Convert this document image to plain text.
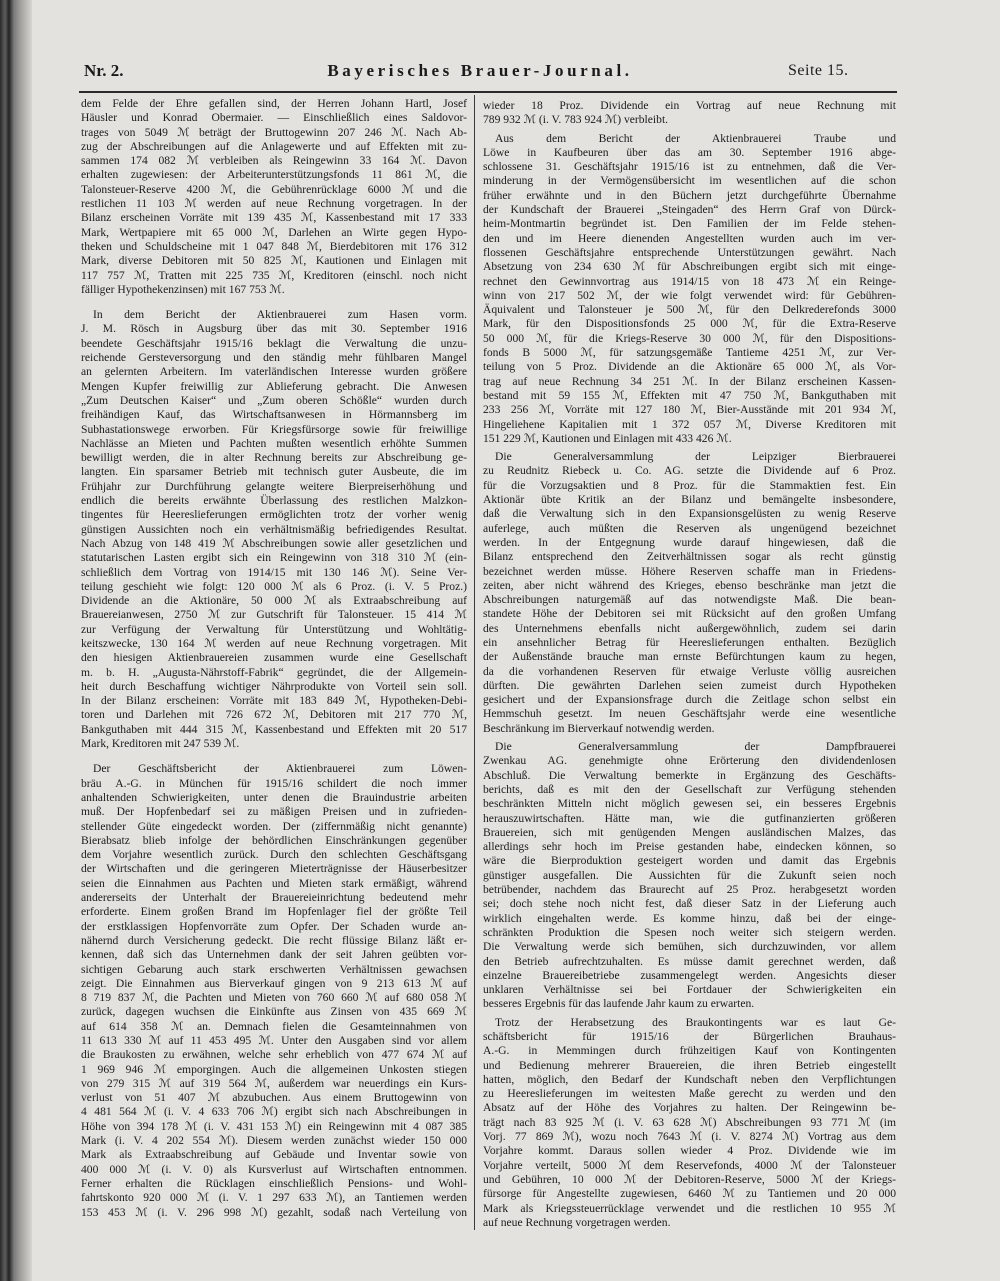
Nr. 2.	Bayerisches Brauer-Journal.	Seite 15.
dem Felde der Ehre gefallen sind, der Herren Johann Hartl, Josef
Häusler und Konrad Obermaier. — Einschließlich eines Saldovor-
trages von 5049 ℳ beträgt der Bruttogewinn 207 246 ℳ. Nach Ab-
zug der Abschreibungen auf die Anlagewerte und auf Effekten mit zu-
sammen 174 082 ℳ verbleiben als Reingewinn 33 164 ℳ. Davon
erhalten zugewiesen: der Arbeiterunterstützungsfonds 11 861 ℳ, die
Talonsteuer-Reserve 4200 ℳ, die Gebührenrücklage 6000 ℳ und die
restlichen 11 103 ℳ werden auf neue Rechnung vorgetragen. In der
Bilanz erscheinen Vorräte mit 139 435 ℳ, Kassenbestand mit 17 333
Mark, Wertpapiere mit 65 000 ℳ, Darlehen an Wirte gegen Hypo-
theken und Schuldscheine mit 1 047 848 ℳ, Bierdebitoren mit 176 312
Mark, diverse Debitoren mit 50 825 ℳ, Kautionen und Einlagen mit
117 757 ℳ, Tratten mit 225 735 ℳ, Kreditoren (einschl. noch nicht
fälliger Hypothekenzinsen) mit 167 753 ℳ.
In dem Bericht der Aktienbrauerei zum Hasen vorm.
J. M. Rösch in Augsburg über das mit 30. September 1916
beendete Geschäftsjahr 1915/16 beklagt die Verwaltung die unzu-
reichende Gersteversorgung und den ständig mehr fühlbaren Mangel
an gelernten Arbeitern. Im vaterländischen Interesse wurden größere
Mengen Kupfer freiwillig zur Ablieferung gebracht. Die Anwesen
„Zum Deutschen Kaiser“ und „Zum oberen Schößle“ wurden durch
freihändigen Kauf, das Wirtschaftsanwesen in Hörmannsberg im
Subhastationswege erworben. Für Kriegsfürsorge sowie für freiwillige
Nachlässe an Mieten und Pachten mußten wesentlich erhöhte Summen
bewilligt werden, die in alter Rechnung bereits zur Abschreibung ge-
langten. Ein sparsamer Betrieb mit technisch guter Ausbeute, die im
Frühjahr zur Durchführung gelangte weitere Bierpreiserhöhung und
endlich die bereits erwähnte Überlassung des restlichen Malzkon-
tingentes für Heereslieferungen ermöglichten trotz der vorher wenig
günstigen Aussichten noch ein verhältnismäßig befriedigendes Resultat.
Nach Abzug von 148 419 ℳ Abschreibungen sowie aller gesetzlichen und
statutarischen Lasten ergibt sich ein Reingewinn von 318 310 ℳ (ein-
schließlich dem Vortrag von 1914/15 mit 130 146 ℳ). Seine Ver-
teilung geschieht wie folgt: 120 000 ℳ als 6 Proz. (i. V. 5 Proz.)
Dividende an die Aktionäre, 50 000 ℳ als Extraabschreibung auf
Brauereianwesen, 2750 ℳ zur Gutschrift für Talonsteuer. 15 414 ℳ
zur Verfügung der Verwaltung für Unterstützung und Wohltätig-
keitszwecke, 130 164 ℳ werden auf neue Rechnung vorgetragen. Mit
den hiesigen Aktienbrauereien zusammen wurde eine Gesellschaft
m. b. H. „Augusta-Nährstoff-Fabrik“ gegründet, die der Allgemein-
heit durch Beschaffung wichtiger Nährprodukte von Vorteil sein soll.
In der Bilanz erscheinen: Vorräte mit 183 849 ℳ, Hypotheken-Debi-
toren und Darlehen mit 726 672 ℳ, Debitoren mit 217 770 ℳ,
Bankguthaben mit 444 315 ℳ, Kassenbestand und Effekten mit 20 517
Mark, Kreditoren mit 247 539 ℳ.
Der Geschäftsbericht der Aktienbrauerei zum Löwen-
bräu A.-G. in München für 1915/16 schildert die noch immer
anhaltenden Schwierigkeiten, unter denen die Brauindustrie arbeiten
muß. Der Hopfenbedarf sei zu mäßigen Preisen und in zufrieden-
stellender Güte eingedeckt worden. Der (ziffernmäßig nicht genannte)
Bierabsatz blieb infolge der behördlichen Einschränkungen gegenüber
dem Vorjahre wesentlich zurück. Durch den schlechten Geschäftsgang
der Wirtschaften und die geringeren Mieterträgnisse der Häuserbesitzer
seien die Einnahmen aus Pachten und Mieten stark ermäßigt, während
andererseits der Unterhalt der Brauereieinrichtung bedeutend mehr
erforderte. Einem großen Brand im Hopfenlager fiel der größte Teil
der erstklassigen Hopfenvorräte zum Opfer. Der Schaden wurde an-
nähernd durch Versicherung gedeckt. Die recht flüssige Bilanz läßt er-
kennen, daß sich das Unternehmen dank der seit Jahren geübten vor-
sichtigen Gebarung auch stark erschwerten Verhältnissen gewachsen
zeigt. Die Einnahmen aus Bierverkauf gingen von 9 213 613 ℳ auf
8 719 837 ℳ, die Pachten und Mieten von 760 660 ℳ auf 680 058 ℳ
zurück, dagegen wuchsen die Einkünfte aus Zinsen von 435 669 ℳ
auf 614 358 ℳ an. Demnach fielen die Gesamteinnahmen von
11 613 330 ℳ auf 11 453 495 ℳ. Unter den Ausgaben sind vor allem
die Braukosten zu erwähnen, welche sehr erheblich von 477 674 ℳ auf
1 969 946 ℳ emporgingen. Auch die allgemeinen Unkosten stiegen
von 279 315 ℳ auf 319 564 ℳ, außerdem war neuerdings ein Kurs-
verlust von 51 407 ℳ abzubuchen. Aus einem Bruttogewinn von
4 481 564 ℳ (i. V. 4 633 706 ℳ) ergibt sich nach Abschreibungen in
Höhe von 394 178 ℳ (i. V. 431 153 ℳ) ein Reingewinn mit 4 087 385
Mark (i. V. 4 202 554 ℳ). Diesem werden zunächst wieder 150 000
Mark als Extraabschreibung auf Gebäude und Inventar sowie von
400 000 ℳ (i. V. 0) als Kursverlust auf Wirtschaften entnommen.
Ferner erhalten die Rücklagen einschließlich Pensions- und Wohl-
fahrtskonto 920 000 ℳ (i. V. 1 297 633 ℳ), an Tantiemen werden
153 453 ℳ (i. V. 296 998 ℳ) gezahlt, sodaß nach Verteilung von
wieder 18 Proz. Dividende ein Vortrag auf neue Rechnung mit
789 932 ℳ (i. V. 783 924 ℳ) verbleibt.
Aus dem Bericht der Aktienbrauerei Traube und
Löwe in Kaufbeuren über das am 30. September 1916 abge-
schlossene 31. Geschäftsjahr 1915/16 ist zu entnehmen, daß die Ver-
minderung in der Vermögensübersicht im wesentlichen auf die schon
früher erwähnte und in den Büchern jetzt durchgeführte Übernahme
der Kundschaft der Brauerei „Steingaden“ des Herrn Graf von Dürck-
heim-Montmartin begründet ist. Den Familien der im Felde stehen-
den und im Heere dienenden Angestellten wurden auch im ver-
flossenen Geschäftsjahre entsprechende Unterstützungen gewährt. Nach
Absetzung von 234 630 ℳ für Abschreibungen ergibt sich mit einge-
rechnet den Gewinnvortrag aus 1914/15 von 18 473 ℳ ein Reinge-
winn von 217 502 ℳ, der wie folgt verwendet wird: für Gebühren-
Äquivalent und Talonsteuer je 500 ℳ, für den Delkrederefonds 3000
Mark, für den Dispositionsfonds 25 000 ℳ, für die Extra-Reserve
50 000 ℳ, für die Kriegs-Reserve 30 000 ℳ, für den Dispositions-
fonds B 5000 ℳ, für satzungsgemäße Tantieme 4251 ℳ, zur Ver-
teilung von 5 Proz. Dividende an die Aktionäre 65 000 ℳ, als Vor-
trag auf neue Rechnung 34 251 ℳ. In der Bilanz erscheinen Kassen-
bestand mit 59 155 ℳ, Effekten mit 47 750 ℳ, Bankguthaben mit
233 256 ℳ, Vorräte mit 127 180 ℳ, Bier-Ausstände mit 201 934 ℳ,
Hingeliehene Kapitalien mit 1 372 057 ℳ, Diverse Kreditoren mit
151 229 ℳ, Kautionen und Einlagen mit 433 426 ℳ.
Die Generalversammlung der Leipziger Bierbrauerei
zu Reudnitz Riebeck u. Co. AG. setzte die Dividende auf 6 Proz.
für die Vorzugsaktien und 8 Proz. für die Stammaktien fest. Ein
Aktionär übte Kritik an der Bilanz und bemängelte insbesondere,
daß die Verwaltung sich in den Expansionsgelüsten zu wenig Reserve
auferlege, auch müßten die Reserven als ungenügend bezeichnet
werden. In der Entgegnung wurde darauf hingewiesen, daß die
Bilanz entsprechend den Zeitverhältnissen sogar als recht günstig
bezeichnet werden müsse. Höhere Reserven schaffe man in Friedens-
zeiten, aber nicht während des Krieges, ebenso beschränke man jetzt die
Abschreibungen naturgemäß auf das notwendigste Maß. Die bean-
standete Höhe der Debitoren sei mit Rücksicht auf den großen Umfang
des Unternehmens ebenfalls nicht außergewöhnlich, zudem sei darin
ein ansehnlicher Betrag für Heereslieferungen enthalten. Bezüglich
der Außenstände brauche man ernste Befürchtungen kaum zu hegen,
da die vorhandenen Reserven für etwaige Verluste völlig ausreichen
dürften. Die gewährten Darlehen seien zumeist durch Hypotheken
gesichert und der Expansionsfrage durch die Zeitlage schon selbst ein
Hemmschuh gesetzt. Im neuen Geschäftsjahr werde eine wesentliche
Beschränkung im Bierverkauf notwendig werden.
Die Generalversammlung der Dampfbrauerei
Zwenkau AG. genehmigte ohne Erörterung den dividendenlosen
Abschluß. Die Verwaltung bemerkte in Ergänzung des Geschäfts-
berichts, daß es mit den der Gesellschaft zur Verfügung stehenden
beschränkten Mitteln nicht möglich gewesen sei, ein besseres Ergebnis
herauszuwirtschaften. Hätte man, wie die gutfinanzierten größeren
Brauereien, sich mit genügenden Mengen ausländischen Malzes, das
allerdings sehr hoch im Preise gestanden habe, eindecken können, so
wäre die Bierproduktion gesteigert worden und damit das Ergebnis
günstiger ausgefallen. Die Aussichten für die Zukunft seien noch
betrübender, nachdem das Braurecht auf 25 Proz. herabgesetzt worden
sei; doch stehe noch nicht fest, daß dieser Satz in der Lieferung auch
wirklich eingehalten werde. Es komme hinzu, daß bei der einge-
schränkten Produktion die Spesen noch weiter sich steigern werden.
Die Verwaltung werde sich bemühen, sich durchzuwinden, vor allem
den Betrieb aufrechtzuhalten. Es müsse damit gerechnet werden, daß
einzelne Brauereibetriebe zusammengelegt werden. Angesichts dieser
unklaren Verhältnisse sei bei Fortdauer der Schwierigkeiten ein
besseres Ergebnis für das laufende Jahr kaum zu erwarten.
Trotz der Herabsetzung des Braukontingents war es laut Ge-
schäftsbericht für 1915/16 der Bürgerlichen Brauhaus-
A.-G. in Memmingen durch frühzeitigen Kauf von Kontingenten
und Bedienung mehrerer Brauereien, die ihren Betrieb eingestellt
hatten, möglich, den Bedarf der Kundschaft neben den Verpflichtungen
zu Heereslieferungen im weitesten Maße gerecht zu werden und den
Absatz auf der Höhe des Vorjahres zu halten. Der Reingewinn be-
trägt nach 83 925 ℳ (i. V. 63 628 ℳ) Abschreibungen 93 771 ℳ (im
Vorj. 77 869 ℳ), wozu noch 7643 ℳ (i. V. 8274 ℳ) Vortrag aus dem
Vorjahre kommt. Daraus sollen wieder 4 Proz. Dividende wie im
Vorjahre verteilt, 5000 ℳ dem Reservefonds, 4000 ℳ der Talonsteuer
und Gebühren, 10 000 ℳ der Debitoren-Reserve, 5000 ℳ der Kriegs-
fürsorge für Angestellte zugewiesen, 6460 ℳ zu Tantiemen und 20 000
Mark als Kriegssteuerrücklage verwendet und die restlichen 10 955 ℳ
auf neue Rechnung vorgetragen werden.
